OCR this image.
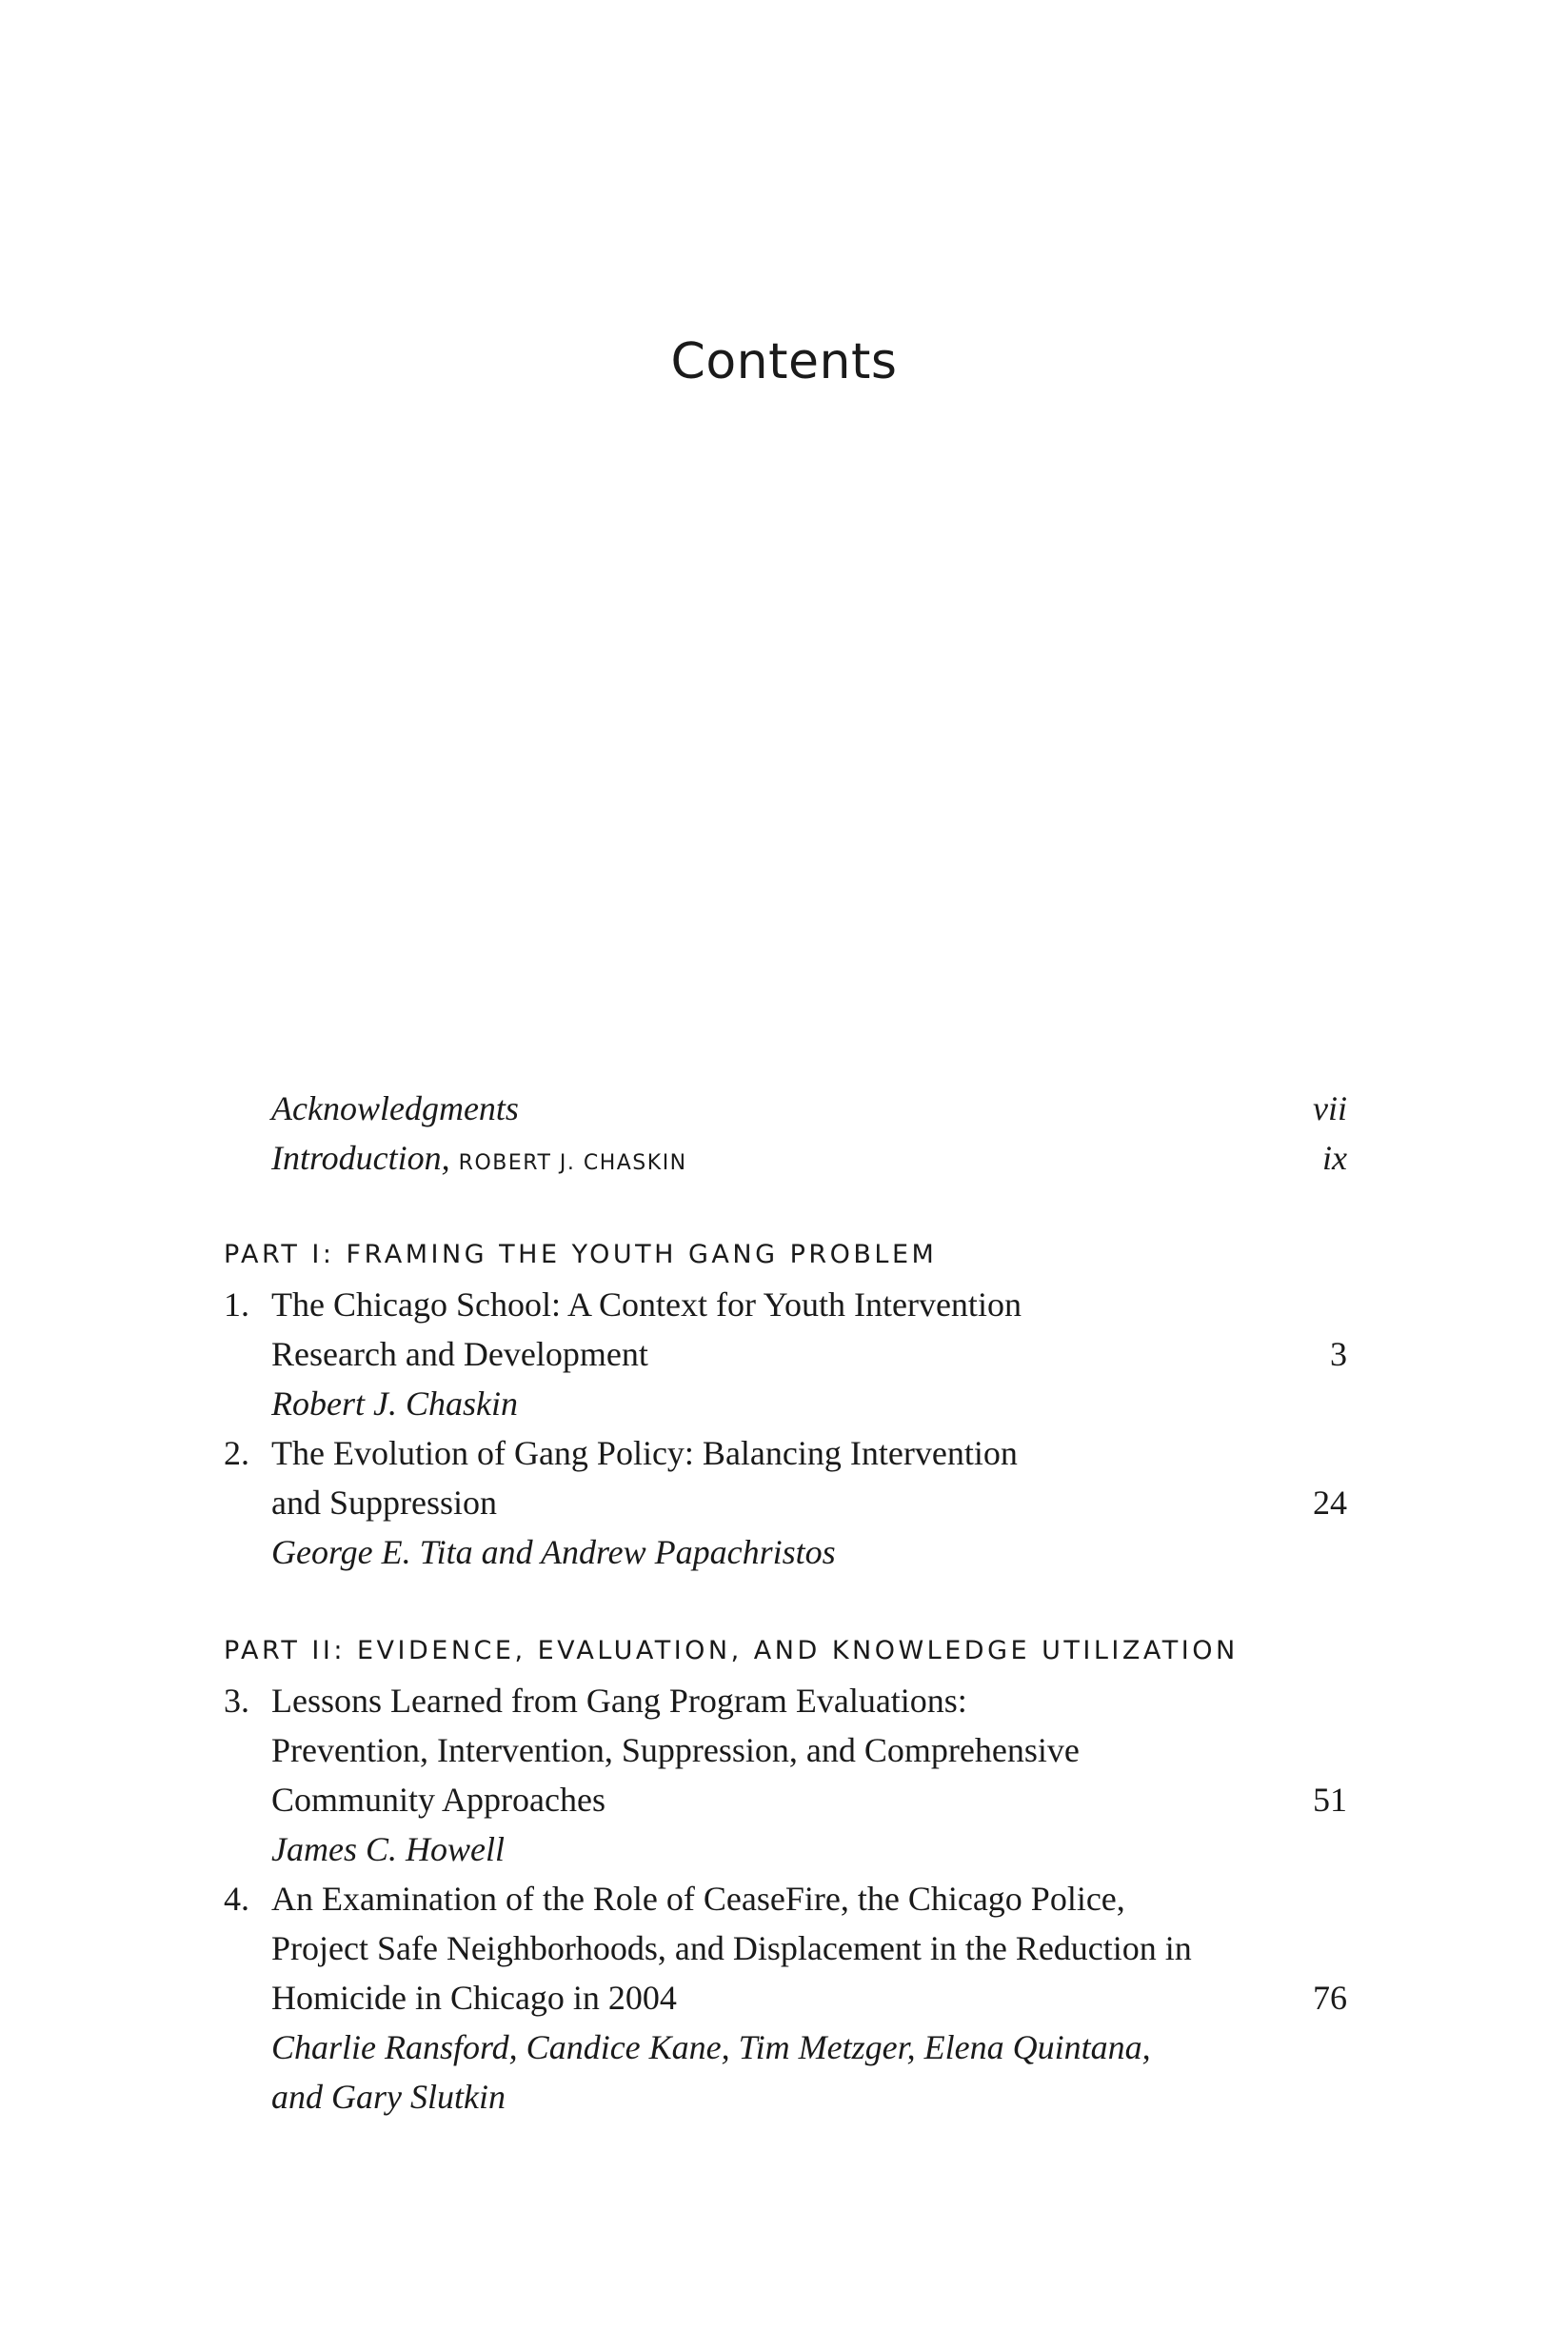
Contents
Acknowledgments	vii
Introduction, ROBERT J. CHASKIN	ix
PART I: FRAMING THE YOUTH GANG PROBLEM
1. The Chicago School: A Context for Youth Intervention
Research and Development	3
Robert J. Chaskin
2. The Evolution of Gang Policy: Balancing Intervention
and Suppression	24
George E. Tita and Andrew Papachristos
PART II: EVIDENCE, EVALUATION, AND KNOWLEDGE UTILIZATION
3. Lessons Learned from Gang Program Evaluations:
Prevention, Intervention, Suppression, and Comprehensive
Community Approaches	51
James C. Howell
4. An Examination of the Role of CeaseFire, the Chicago Police,
Project Safe Neighborhoods, and Displacement in the Reduction in
Homicide in Chicago in 2004	76
Charlie Ransford, Candice Kane, Tim Metzger, Elena Quintana,
and Gary Slutkin
